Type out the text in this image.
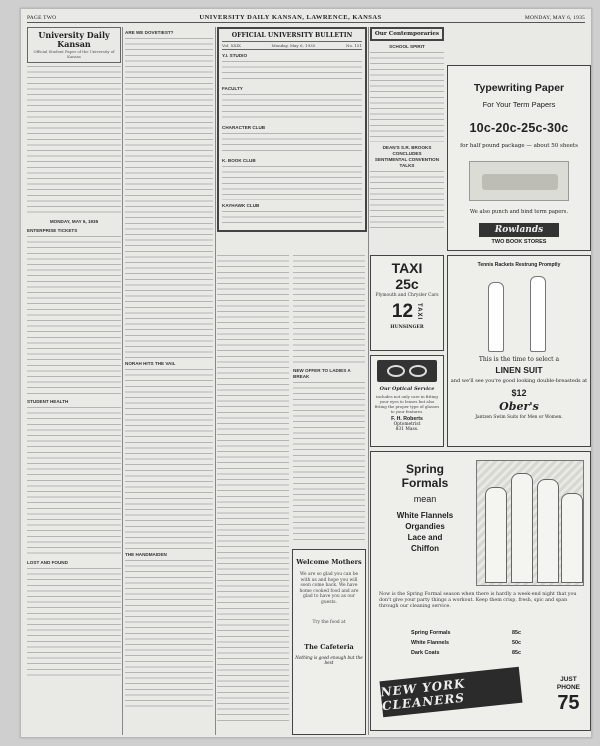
PAGE TWO	UNIVERSITY DAILY KANSAN, LAWRENCE, KANSAS	MONDAY, MAY 6, 1935
University Daily Kansan
Official Student Paper of the University of Kansas
MONDAY, MAY 6, 1935
ENTERPRISE TICKETS
STUDENT HEALTH
LOST AND FOUND
ARE WE DOVETIEST?
NORAH HITS THE VAIL
THE HANDMAIDEN
OFFICIAL UNIVERSITY BULLETIN
Vol. XXIX	Monday, May 6, 1935	No. 151
Y.I. STUDIO
FACULTY
CHARACTER CLUB
K. BOOK CLUB
KAYHAWK CLUB
NEW OFFER TO LADIES A BREAK
Our Contemporaries
SCHOOL SPIRIT
DEAN'S S.R. BROOKS CONCLUDES
SENTIMENTAL CONVENTION TALKS
Typewriting Paper
For Your Term Papers
10c-20c-25c-30c
for half pound package — about 50 sheets
We also punch and bind term papers.
Rowlands
TWO BOOK STORES
TAXI
25c
Plymouth and Chrysler Cars
12 TAXI
HUNSINGER
Our Optical Service
includes not only care in fitting your eyes to lenses but also fitting the proper type of glasses to your features.
F. H. Roberts
Optometrist
831 Mass.
Tennis Rackets Restrung Promptly
This is the time to select a
LINEN SUIT
and we'll see you're good looking double-breasteds at
$12
Ober's
Jantzen Swim Suits for Men or Women.
Welcome Mothers
We are so glad you can be with us and hope you will soon come back. We have home cooked food and are glad to have you as our guests.
Try the food at
The Cafeteria
Nothing is good enough but the best
Spring
Formals
mean
White Flannels
Organdies
Lace and
Chiffon
Now is the Spring Formal season when there is hardly a week-end night that you don't give your party things a workout. Keep them crisp, fresh, spic and span through our cleaning service.
Spring Formals	85c
White Flannels	50c
Dark Coats	85c
NEW YORK CLEANERS
JUST
PHONE
75
